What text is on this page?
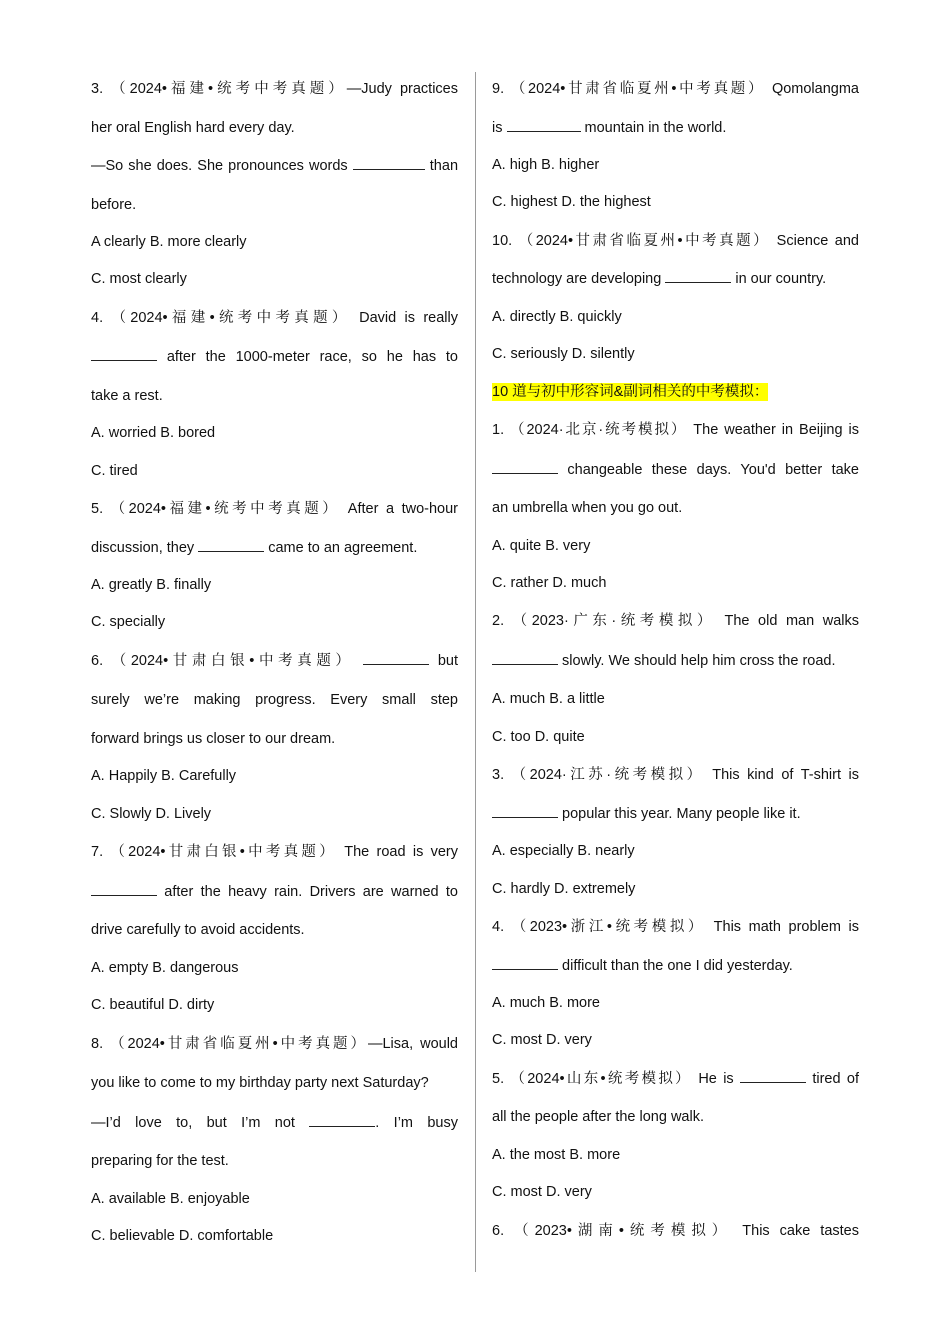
3. （2024•福建•统考中考真题）—Judy practices
her oral English hard every day.
—So she does. She pronounces words	than
before.
A clearly B. more clearly
C. most clearly
4. （2024•福建•统考中考真题） David is really
after the 1000-meter race, so he has to
take a rest.
A. worried B. bored
C. tired
5. （2024•福建•统考中考真题） After a two-hour
discussion, they	came to an agreement.
A. greatly B. finally
C. specially
6. （2024•甘肃白银•中考真题）	but
surely we’re making progress. Every small step
forward brings us closer to our dream.
A. Happily B. Carefully
C. Slowly D. Lively
7. （2024•甘肃白银•中考真题） The road is very
after the heavy rain. Drivers are warned to
drive carefully to avoid accidents.
A. empty B. dangerous
C. beautiful D. dirty
8. （2024•甘肃省临夏州•中考真题）—Lisa, would
you like to come to my birthday party next Saturday?
—I’d love to, but I’m not	. I’m busy
preparing for the test.
A. available B. enjoyable
C. believable D. comfortable
9. （2024•甘肃省临夏州•中考真题） Qomolangma
is	mountain in the world.
A. high B. higher
C. highest D. the highest
10. （2024•甘肃省临夏州•中考真题） Science and
technology are developing	in our country.
A. directly B. quickly
C. seriously D. silently
10 道与初中形容词&副词相关的中考模拟：
1. （2024·北京·统考模拟） The weather in Beijing is
changeable these days. You'd better take
an umbrella when you go out.
A. quite B. very
C. rather D. much
2. （2023·广东·统考模拟） The old man walks
slowly. We should help him cross the road.
A. much B. a little
C. too D. quite
3. （2024·江苏·统考模拟） This kind of T-shirt is
popular this year. Many people like it.
A. especially B. nearly
C. hardly D. extremely
4. （2023•浙江•统考模拟） This math problem is
difficult than the one I did yesterday.
A. much B. more
C. most D. very
5. （2024•山东•统考模拟） He is	tired of
all the people after the long walk.
A. the most B. more
C. most D. very
6. （2023•湖南•统考模拟） This cake tastes
